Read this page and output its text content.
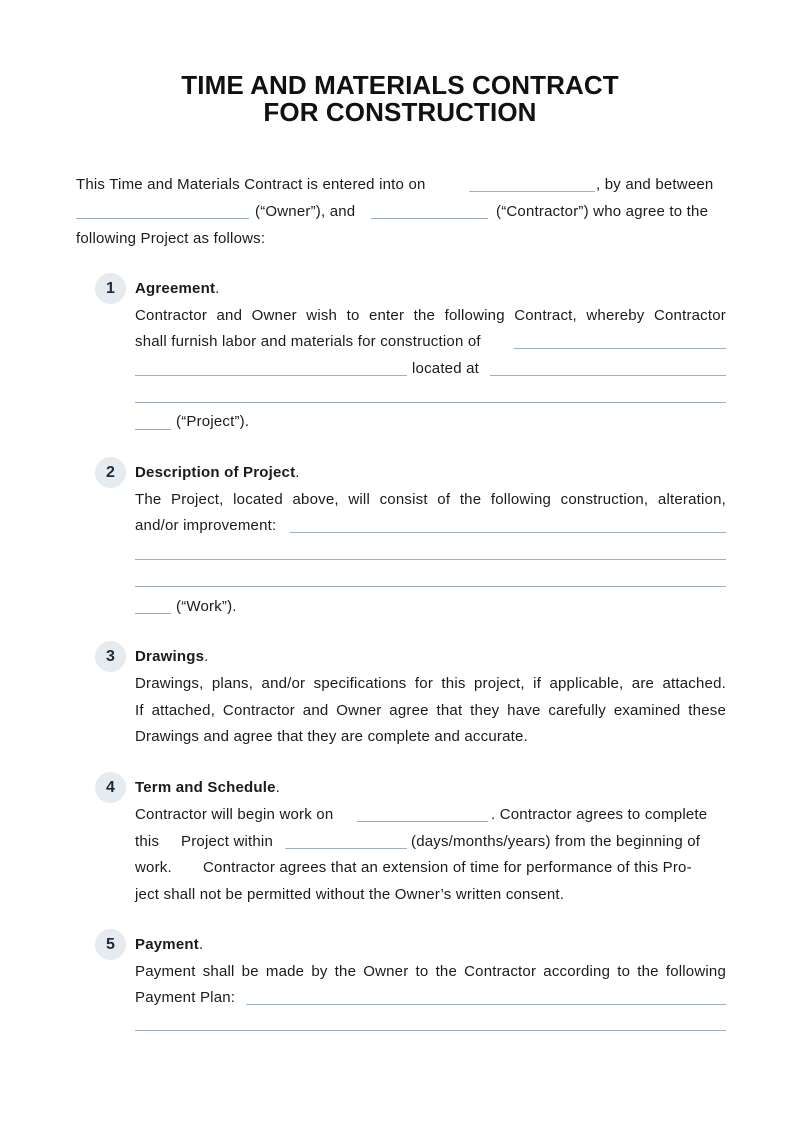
TIME AND MATERIALS CONTRACT
FOR CONSTRUCTION
This Time and Materials Contract is entered into on	, by and between
(“Owner”), and	(“Contractor”) who agree to the
following Project as follows:
1	Agreement.
Contractor and Owner wish to enter the following Contract, whereby Contractor
shall furnish labor and materials for construction of
located at
(“Project”).
2	Description of Project.
The Project, located above, will consist of the following construction, alteration,
and/or improvement:
(“Work”).
3	Drawings.
Drawings, plans, and/or specifications for this project, if applicable, are attached.
If attached, Contractor and Owner agree that they have carefully examined these
Drawings and agree that they are complete and accurate.
4	Term and Schedule.
Contractor will begin work on	. Contractor agrees to complete
this Project within	(days/months/years) from the beginning of
work. Contractor agrees that an extension of time for performance of this Pro-
ject shall not be permitted without the Owner’s written consent.
5	Payment.
Payment shall be made by the Owner to the Contractor according to the following
Payment Plan:
